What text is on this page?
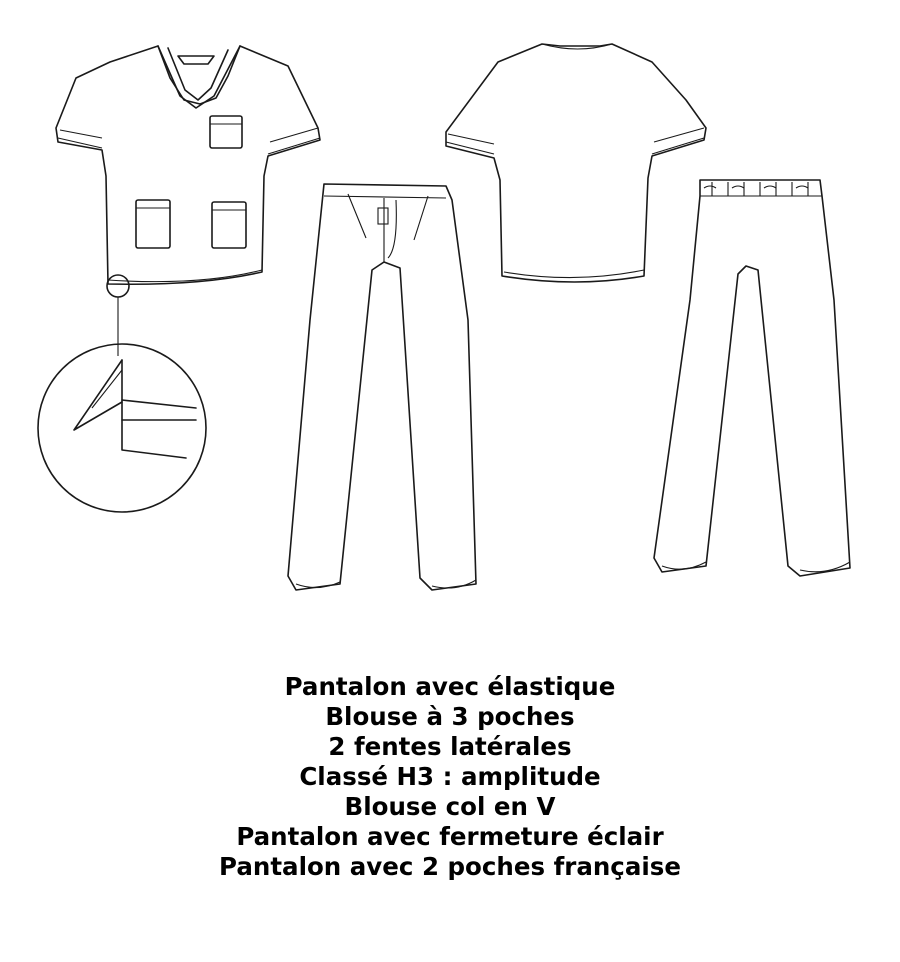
Pantalon avec élastique
Blouse à 3 poches
2 fentes latérales
Classé H3 : amplitude
Blouse col en V
Pantalon avec fermeture éclair
Pantalon avec 2 poches française
